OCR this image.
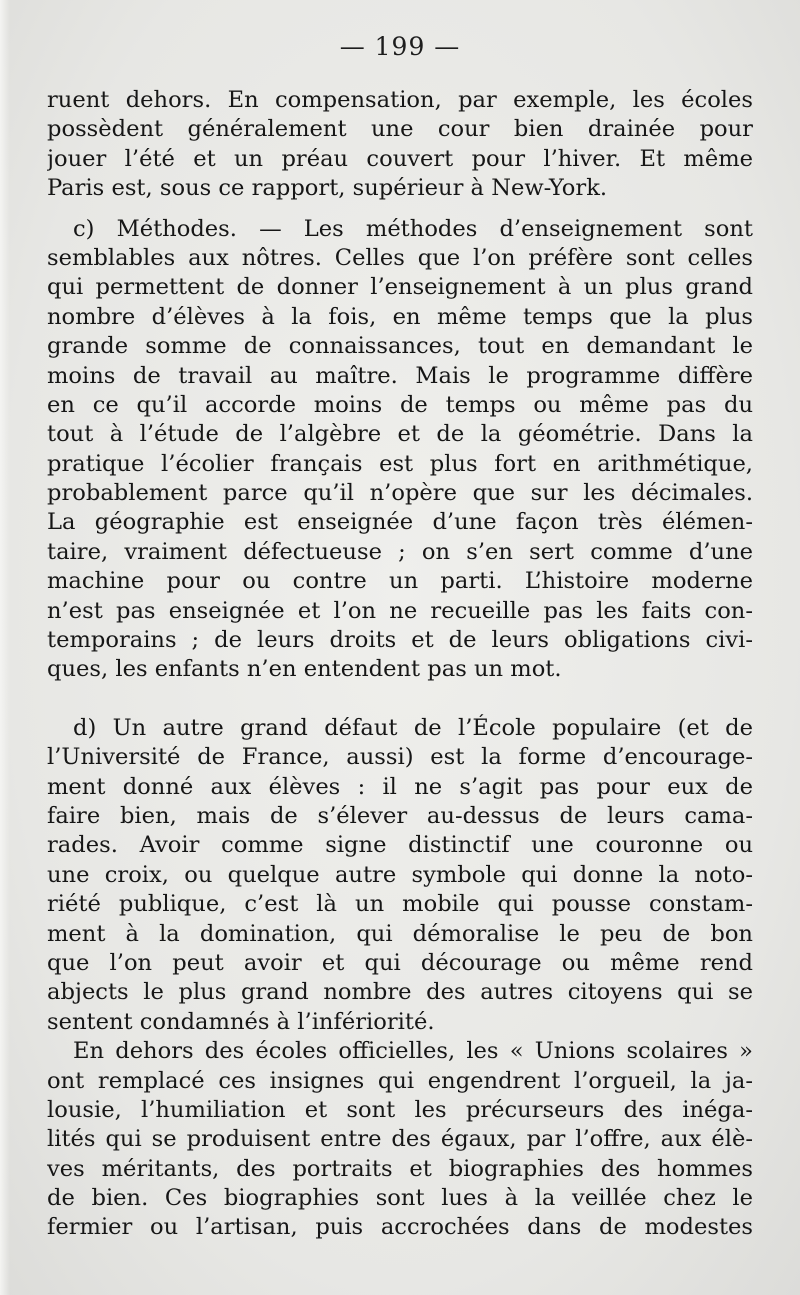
— 199 —
ruent dehors. En compensation, par exemple, les écoles
possèdent généralement une cour bien drainée pour
jouer l’été et un préau couvert pour l’hiver. Et même
Paris est, sous ce rapport, supérieur à New-York.
c) Méthodes. — Les méthodes d’enseignement sont
semblables aux nôtres. Celles que l’on préfère sont celles
qui permettent de donner l’enseignement à un plus grand
nombre d’élèves à la fois, en même temps que la plus
grande somme de connaissances, tout en demandant le
moins de travail au maître. Mais le programme diffère
en ce qu’il accorde moins de temps ou même pas du
tout à l’étude de l’algèbre et de la géométrie. Dans la
pratique l’écolier français est plus fort en arithmétique,
probablement parce qu’il n’opère que sur les décimales.
La géographie est enseignée d’une façon très élémen-
taire, vraiment défectueuse ; on s’en sert comme d’une
machine pour ou contre un parti. L’histoire moderne
n’est pas enseignée et l’on ne recueille pas les faits con-
temporains ; de leurs droits et de leurs obligations civi-
ques, les enfants n’en entendent pas un mot.
d) Un autre grand défaut de l’École populaire (et de
l’Université de France, aussi) est la forme d’encourage-
ment donné aux élèves : il ne s’agit pas pour eux de
faire bien, mais de s’élever au-dessus de leurs cama-
rades. Avoir comme signe distinctif une couronne ou
une croix, ou quelque autre symbole qui donne la noto-
riété publique, c’est là un mobile qui pousse constam-
ment à la domination, qui démoralise le peu de bon
que l’on peut avoir et qui décourage ou même rend
abjects le plus grand nombre des autres citoyens qui se
sentent condamnés à l’infériorité.
En dehors des écoles officielles, les « Unions scolaires »
ont remplacé ces insignes qui engendrent l’orgueil, la ja-
lousie, l’humiliation et sont les précurseurs des inéga-
lités qui se produisent entre des égaux, par l’offre, aux élè-
ves méritants, des portraits et biographies des hommes
de bien. Ces biographies sont lues à la veillée chez le
fermier ou l’artisan, puis accrochées dans de modestes
